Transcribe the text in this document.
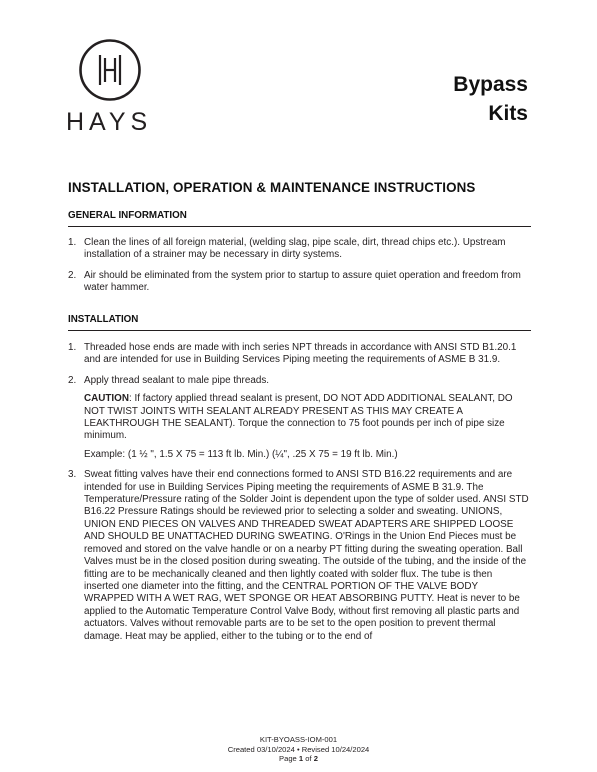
HAYS
Bypass
Kits
INSTALLATION, OPERATION & MAINTENANCE INSTRUCTIONS
GENERAL INFORMATION
1. Clean the lines of all foreign material, (welding slag, pipe scale, dirt, thread chips etc.). Upstream installation of a strainer may be necessary in dirty systems.
2. Air should be eliminated from the system prior to startup to assure quiet operation and freedom from water hammer.
INSTALLATION
1. Threaded hose ends are made with inch series NPT threads in accordance with ANSI STD B1.20.1 and are intended for use in Building Services Piping meeting the requirements of ASME B 31.9.
2. Apply thread sealant to male pipe threads.
CAUTION: If factory applied thread sealant is present, DO NOT ADD ADDITIONAL SEALANT, DO NOT TWIST JOINTS WITH SEALANT ALREADY PRESENT AS THIS MAY CREATE A LEAKTHROUGH THE SEALANT). Torque the connection to 75 foot pounds per inch of pipe size minimum.
Example: (1 ½ ", 1.5 X 75 = 113 ft lb. Min.) (¼", .25 X 75 = 19 ft lb. Min.)
3. Sweat fitting valves have their end connections formed to ANSI STD B16.22 requirements and are intended for use in Building Services Piping meeting the requirements of ASME B 31.9. The Temperature/Pressure rating of the Solder Joint is dependent upon the type of solder used. ANSI STD B16.22 Pressure Ratings should be reviewed prior to selecting a solder and sweating. UNIONS, UNION END PIECES ON VALVES AND THREADED SWEAT ADAPTERS ARE SHIPPED LOOSE AND SHOULD BE UNATTACHED DURING SWEATING. O'Rings in the Union End Pieces must be removed and stored on the valve handle or on a nearby PT fitting during the sweating operation. Ball Valves must be in the closed position during sweating. The outside of the tubing, and the inside of the fitting are to be mechanically cleaned and then lightly coated with solder flux. The tube is then inserted one diameter into the fitting, and the CENTRAL PORTION OF THE VALVE BODY WRAPPED WITH A WET RAG, WET SPONGE OR HEAT ABSORBING PUTTY. Heat is never to be applied to the Automatic Temperature Control Valve Body, without first removing all plastic parts and actuators. Valves without removable parts are to be set to the open position to prevent thermal damage. Heat may be applied, either to the tubing or to the end of
KIT-BYOASS-IOM-001
Created 03/10/2024 • Revised 10/24/2024
Page 1 of 2
